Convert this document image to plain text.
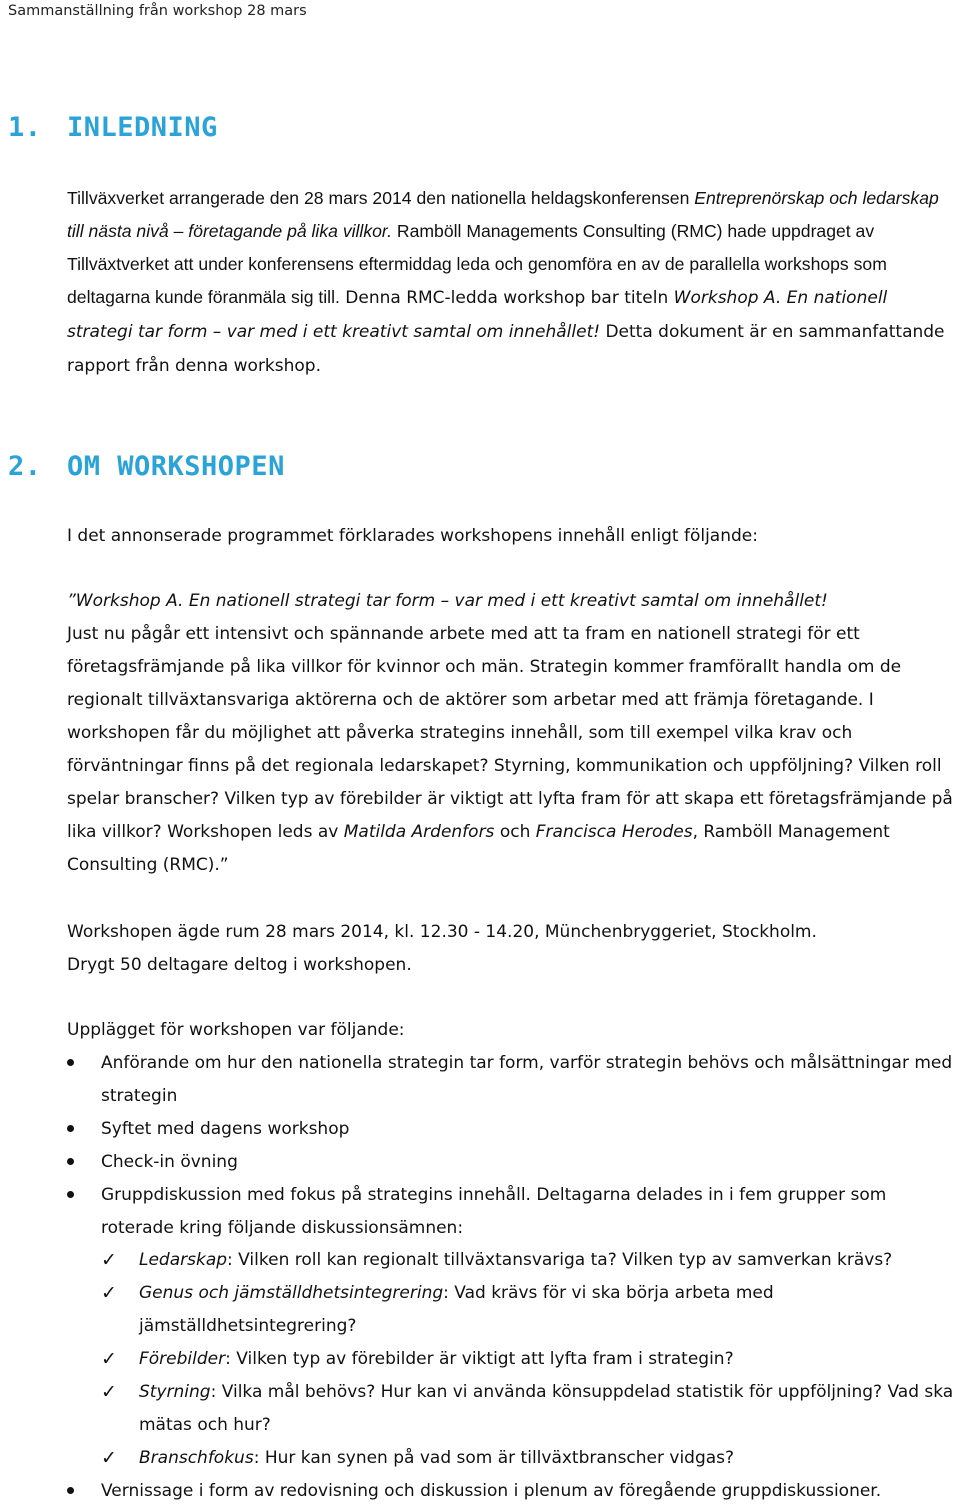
Sammanställning från workshop 28 mars
1. INLEDNING
Tillväxverket arrangerade den 28 mars 2014 den nationella heldagskonferensen Entreprenörskap och ledarskap till nästa nivå – företagande på lika villkor. Ramböll Managements Consulting (RMC) hade uppdraget av Tillväxtverket att under konferensens eftermiddag leda och genomföra en av de parallella workshops som deltagarna kunde föranmäla sig till. Denna RMC-ledda workshop bar titeln Workshop A. En nationell strategi tar form – var med i ett kreativt samtal om innehållet! Detta dokument är en sammanfattande rapport från denna workshop.
2. OM WORKSHOPEN
I det annonserade programmet förklarades workshopens innehåll enligt följande:
”Workshop A. En nationell strategi tar form – var med i ett kreativt samtal om innehållet!
Just nu pågår ett intensivt och spännande arbete med att ta fram en nationell strategi för ett företagsfrämjande på lika villkor för kvinnor och män. Strategin kommer framförallt handla om de regionalt tillväxtansvariga aktörerna och de aktörer som arbetar med att främja företagande. I workshopen får du möjlighet att påverka strategins innehåll, som till exempel vilka krav och förväntningar finns på det regionala ledarskapet? Styrning, kommunikation och uppföljning? Vilken roll spelar branscher? Vilken typ av förebilder är viktigt att lyfta fram för att skapa ett företagsfrämjande på lika villkor? Workshopen leds av Matilda Ardenfors och Francisca Herodes, Ramböll Management Consulting (RMC).”
Workshopen ägde rum 28 mars 2014, kl. 12.30 - 14.20, Münchenbryggeriet, Stockholm.
Drygt 50 deltagare deltog i workshopen.
Upplägget för workshopen var följande:
Anförande om hur den nationella strategin tar form, varför strategin behövs och målsättningar med strategin
Syftet med dagens workshop
Check-in övning
Gruppdiskussion med fokus på strategins innehåll. Deltagarna delades in i fem grupper som roterade kring följande diskussionsämnen:
✓ Ledarskap: Vilken roll kan regionalt tillväxtansvariga ta? Vilken typ av samverkan krävs?
✓ Genus och jämställdhetsintegrering: Vad krävs för vi ska börja arbeta med jämställdhetsintegrering?
✓ Förebilder: Vilken typ av förebilder är viktigt att lyfta fram i strategin?
✓ Styrning: Vilka mål behövs? Hur kan vi använda könsuppdelad statistik för uppföljning? Vad ska mätas och hur?
✓ Branschfokus: Hur kan synen på vad som är tillväxtbranscher vidgas?
Vernissage i form av redovisning och diskussion i plenum av föregående gruppdiskussioner.
